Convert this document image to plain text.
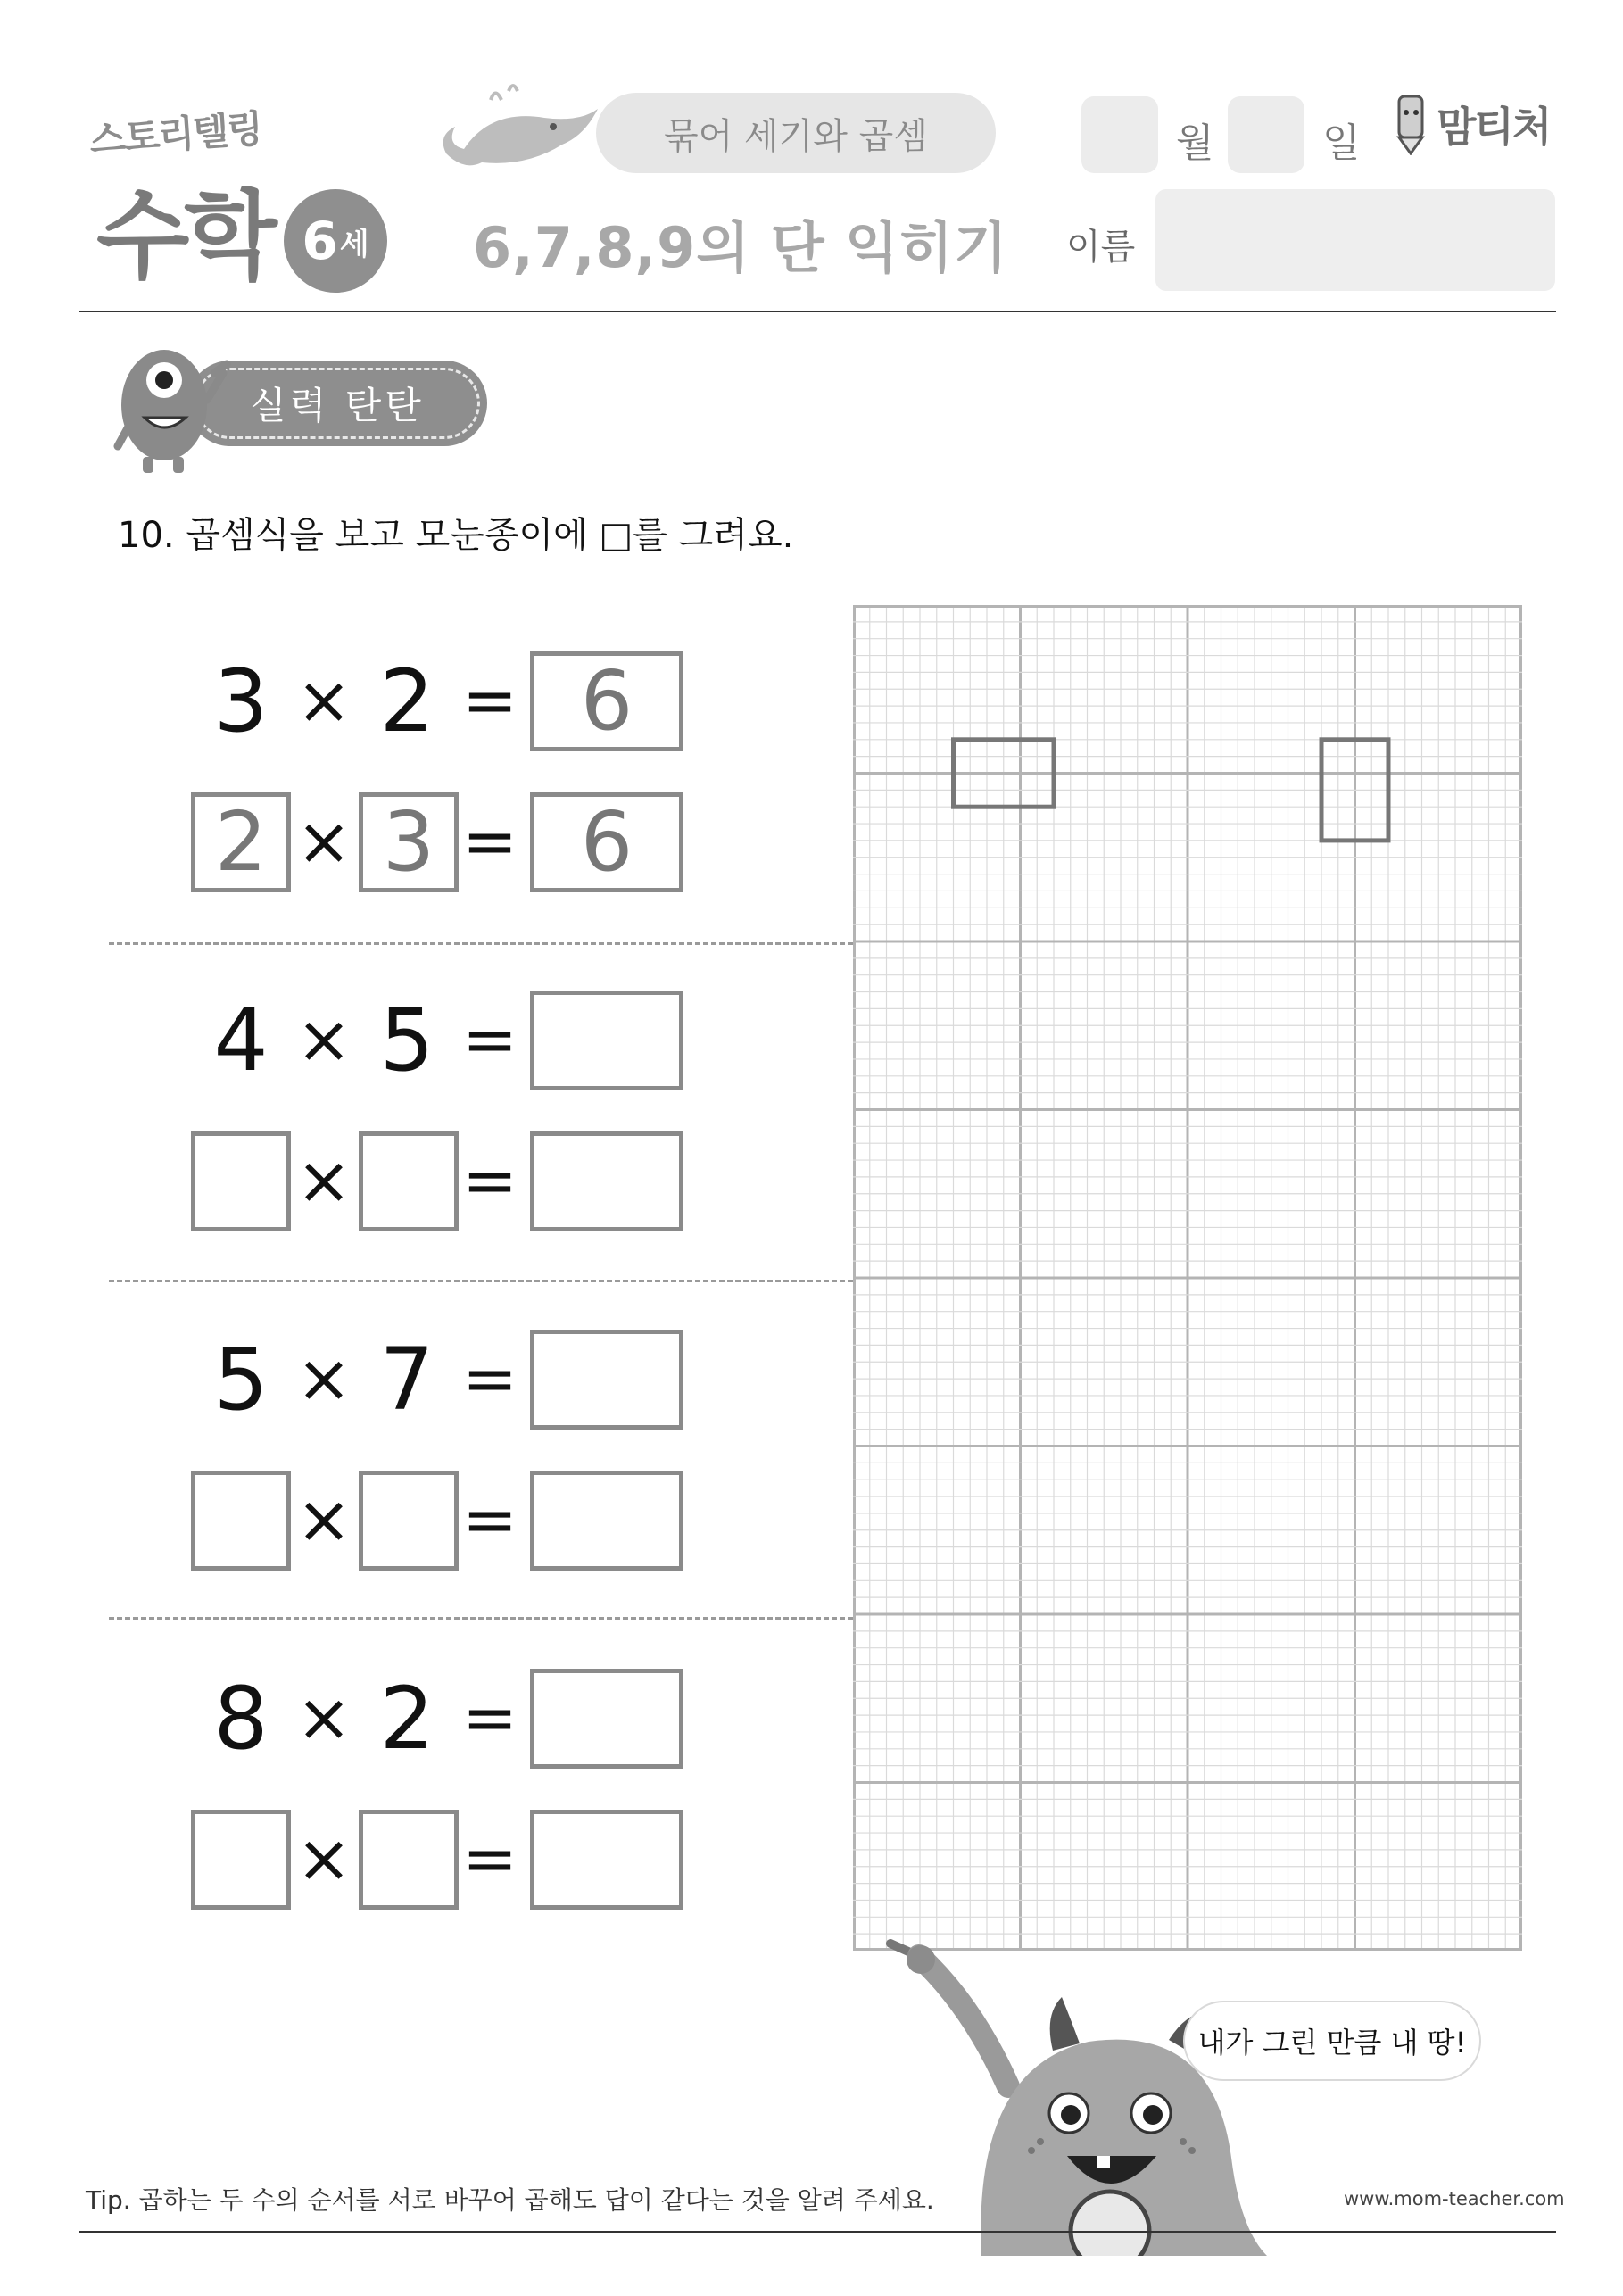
스토리텔링
수학 6 세
묶어 세기와 곱셈
6,7,8,9의 단 익히기
월	일 맘티처
이름
실력 탄탄
10. 곱셈식을 보고 모눈종이에 □를 그려요.
3 × 2 = 6
2 × 3 = 6
4 × 5 =
× =
5 × 7 =
× =
8 × 2 =
× =
내가 그린 만큼 내 땅!
Tip. 곱하는 두 수의 순서를 서로 바꾸어 곱해도 답이 같다는 것을 알려 주세요.	www.mom-teacher.com
